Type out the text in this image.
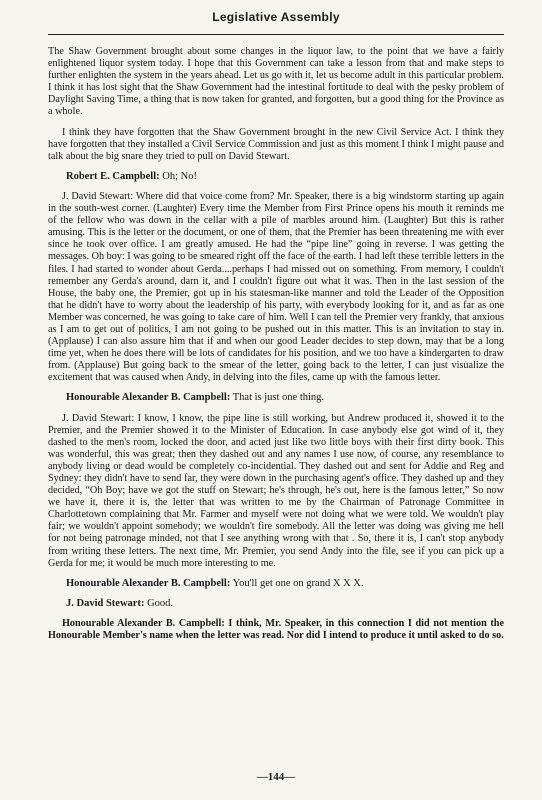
Legislative Assembly

The Shaw Government brought about some changes in the liquor law, to the point that we have a fairly enlightened liquor system today. I hope that this Government can take a lesson from that and make steps to further enlighten the system in the years ahead. Let us go with it, let us become adult in this particular problem. I think it has lost sight that the Shaw Government had the intestinal fortitude to deal with the pesky problem of Daylight Saving Time, a thing that is now taken for granted, and forgotten, but a good thing for the Province as a whole.

I think they have forgotten that the Shaw Government brought in the new Civil Service Act. I think they have forgotten that they installed a Civil Service Commission and just as this moment I think I might pause and talk about the big snare they tried to pull on David Stewart.

Robert E. Campbell: Oh; No!

J. David Stewart: Where did that voice come from? Mr. Speaker, there is a big windstorm starting up again in the south-west corner. (Laughter) Every time the Member from First Prince opens his mouth it reminds me of the fellow who was down in the cellar with a pile of marbles around him. (Laughter) But this is rather amusing. This is the letter or the document, or one of them, that the Premier has been threatening me with ever since he took over office. I am greatly amused. He had the “pipe line” going in reverse. I was getting the messages. Oh boy: I was going to be smeared right off the face of the earth. I had left these terrible letters in the files. I had started to wonder about Gerda....perhaps I had missed out on something. From memory, I couldn't remember any Gerda's around, darn it, and I couldn't figure out what it was. Then in the last session of the House, the baby one, the Premier, got up in his statesman-like manner and told the Leader of the Opposition that he didn't have to worry about the leadership of his party, with everybody looking for it, and as far as one Member was concerned, he was going to take care of him. Well I can tell the Premier very frankly, that anxious as I am to get out of politics, I am not going to be pushed out in this matter. This is an invitation to stay in. (Applause) I can also assure him that if and when our good Leader decides to step down, may that be a long time yet, when he does there will be lots of candidates for his position, and we too have a kindergarten to draw from. (Applause) But going back to the smear of the letter, going back to the letter, I can just visualize the excitement that was caused when Andy, in delving into the files, came up with the famous letter.

Honourable Alexander B. Campbell: That is just one thing.

J. David Stewart: I know, I know, the pipe line is still working, but Andrew produced it, showed it to the Premier, and the Premier showed it to the Minister of Education. In case anybody else got wind of it, they dashed to the men's room, locked the door, and acted just like two little boys with their first dirty book. This was wonderful, this was great; then they dashed out and any names I use now, of course, any resemblance to anybody living or dead would be completely co-incidential. They dashed out and sent for Addie and Reg and Sydney: they didn't have to send far, they were down in the purchasing agent's office. They dashed up and they decided, “Oh Boy; have we got the stuff on Stewart; he's through, he's out, here is the famous letter,” So now we have it, there it is, the letter that was written to me by the Chairman of Patronage Committee in Charlottetown complaining that Mr. Farmer and myself were not doing what we were told. We wouldn't play fair; we wouldn't appoint somebody; we wouldn't fire somebody. All the letter was doing was giving me hell for not being patronage minded, not that I see anything wrong with that . So, there it is, I can't stop anybody from writing these letters. The next time, Mr. Premier, you send Andy into the file, see if you can pick up a Gerda for me; it would be much more interesting to me.

Honourable Alexander B. Campbell: You'll get one on grand X X X.
J. David Stewart: Good.

Honourable Alexander B. Campbell: I think, Mr. Speaker, in this connection I did not mention the Honourable Member's name when the letter was read. Nor did I intend to produce it until asked to do so.

—144—
